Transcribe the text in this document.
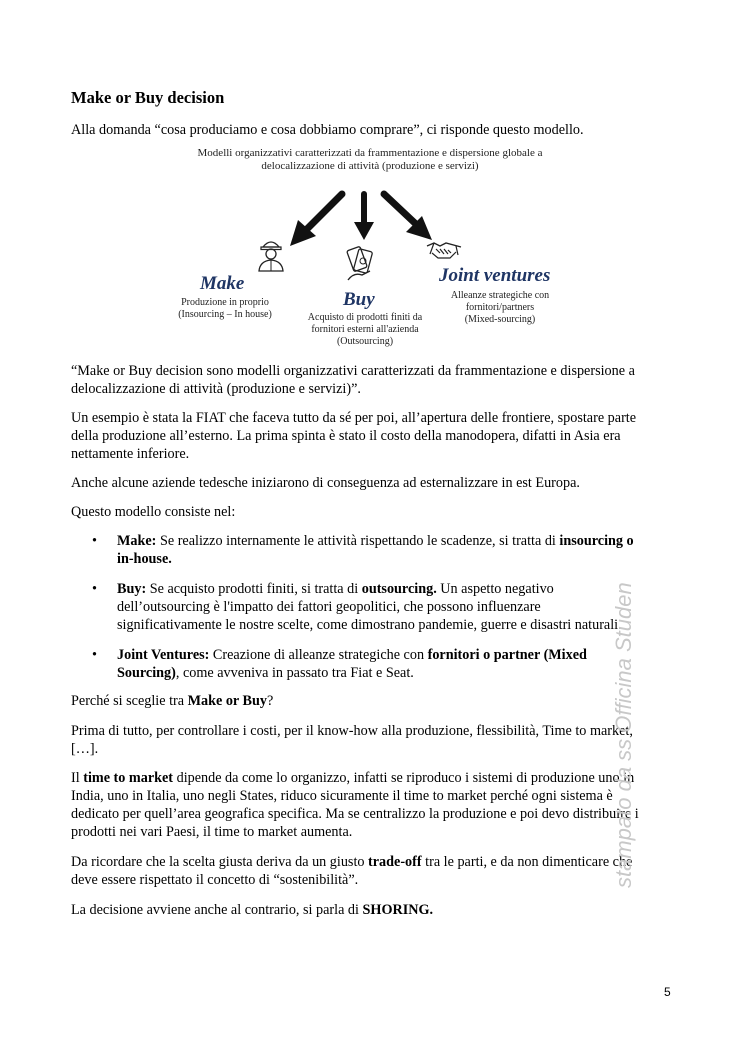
Make or Buy decision
Alla domanda “cosa produciamo e cosa dobbiamo comprare”, ci risponde questo modello.
Modelli organizzativi caratterizzati da frammentazione e dispersione globale a
delocalizzazione di attività (produzione e servizi)
Make
Produzione in proprio
(Insourcing – In house)
Buy
Acquisto di prodotti finiti da
fornitori esterni all'azienda
(Outsourcing)
Joint ventures
Alleanze strategiche con
fornitori/partners
(Mixed-sourcing)
“Make or Buy decision sono modelli organizzativi caratterizzati da frammentazione e dispersione a
delocalizzazione di attività (produzione e servizi)”.
Un esempio è stata la FIAT che faceva tutto da sé per poi, all’apertura delle frontiere, spostare parte
della produzione all’esterno. La prima spinta è stato il costo della manodopera, difatti in Asia era
nettamente inferiore.
Anche alcune aziende tedesche iniziarono di conseguenza ad esternalizzare in est Europa.
Questo modello consiste nel:
• Make: Se realizzo internamente le attività rispettando le scadenze, si tratta di insourcing o
in-house.
• Buy: Se acquisto prodotti finiti, si tratta di outsourcing. Un aspetto negativo
dell’outsourcing è l'impatto dei fattori geopolitici, che possono influenzare
significativamente le nostre scelte, come dimostrano pandemie, guerre e disastri naturali.
• Joint Ventures: Creazione di alleanze strategiche con fornitori o partner (Mixed
Sourcing), come avveniva in passato tra Fiat e Seat.
Perché si sceglie tra Make or Buy?
Prima di tutto, per controllare i costi, per il know-how alla produzione, flessibilità, Time to market,
[…].
Il time to market dipende da come lo organizzo, infatti se riproduco i sistemi di produzione uno in
India, uno in Italia, uno negli States, riduco sicuramente il time to market perché ogni sistema è
dedicato per quell’area geografica specifica. Ma se centralizzo la produzione e poi devo distribuire i
prodotti nei vari Paesi, il time to market aumenta.
Da ricordare che la scelta giusta deriva da un giusto trade-off tra le parti, e da non dimenticare che
deve essere rispettato il concetto di “sostenibilità”.
La decisione avviene anche al contrario, si parla di SHORING.
stampato da ss Officina Studen
5
